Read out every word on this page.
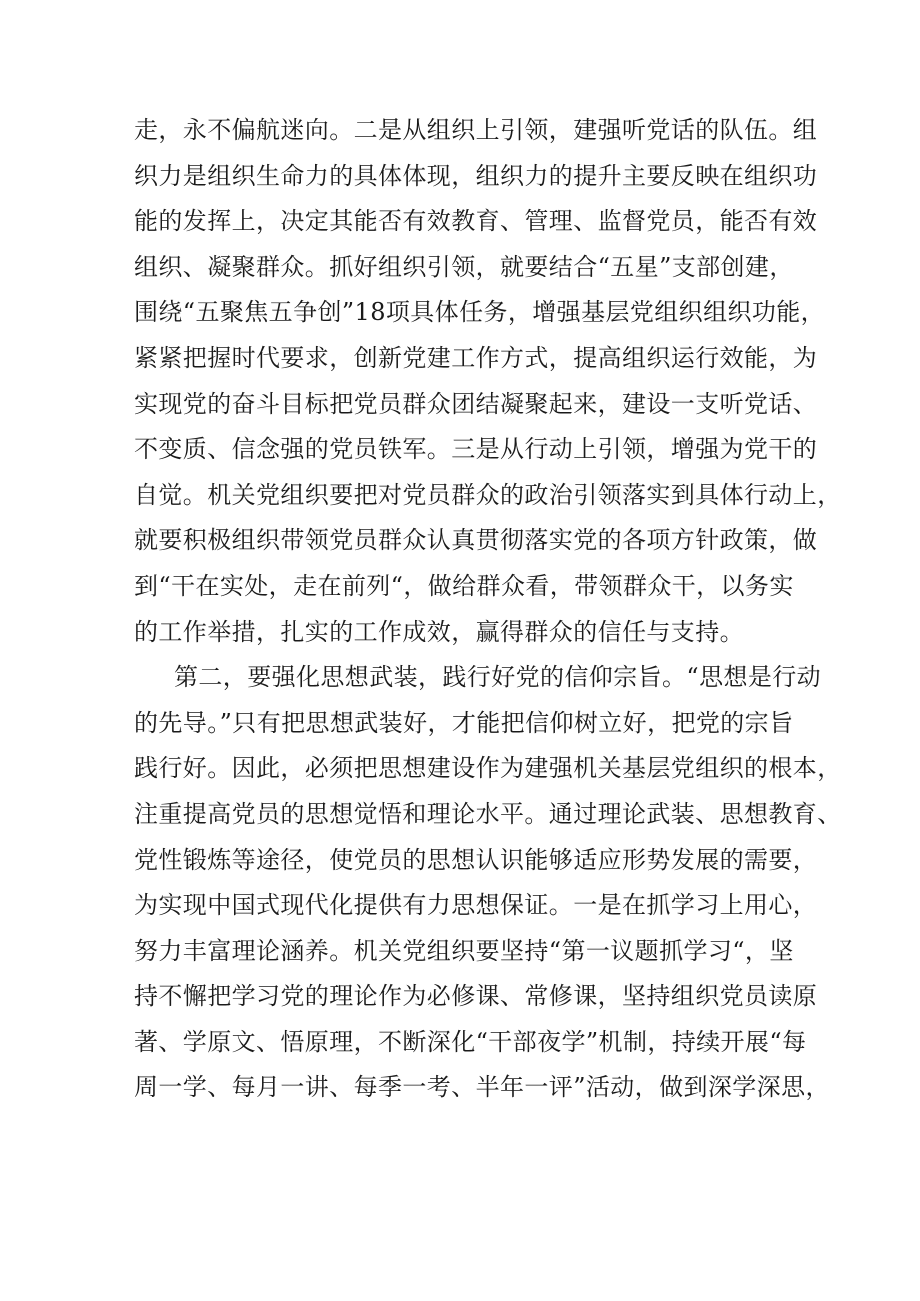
走，永不偏航迷向。二是从组织上引领，建强听党话的队伍。组
织力是组织生命力的具体体现，组织力的提升主要反映在组织功
能的发挥上，决定其能否有效教育、管理、监督党员，能否有效
组织、凝聚群众。抓好组织引领，就要结合“五星”支部创建，
围绕“五聚焦五争创”18项具体任务，增强基层党组织组织功能，
紧紧把握时代要求，创新党建工作方式，提高组织运行效能，为
实现党的奋斗目标把党员群众团结凝聚起来，建设一支听党话、
不变质、信念强的党员铁军。三是从行动上引领，增强为党干的
自觉。机关党组织要把对党员群众的政治引领落实到具体行动上，
就要积极组织带领党员群众认真贯彻落实党的各项方针政策，做
到“干在实处，走在前列“，做给群众看，带领群众干，以务实
的工作举措，扎实的工作成效，赢得群众的信任与支持。
第二，要强化思想武装，践行好党的信仰宗旨。“思想是行动
的先导。”只有把思想武装好，才能把信仰树立好，把党的宗旨
践行好。因此，必须把思想建设作为建强机关基层党组织的根本，
注重提高党员的思想觉悟和理论水平。通过理论武装、思想教育、
党性锻炼等途径，使党员的思想认识能够适应形势发展的需要，
为实现中国式现代化提供有力思想保证。一是在抓学习上用心，
努力丰富理论涵养。机关党组织要坚持“第一议题抓学习“，坚
持不懈把学习党的理论作为必修课、常修课，坚持组织党员读原
著、学原文、悟原理，不断深化“干部夜学”机制，持续开展“每
周一学、每月一讲、每季一考、半年一评”活动，做到深学深思，
